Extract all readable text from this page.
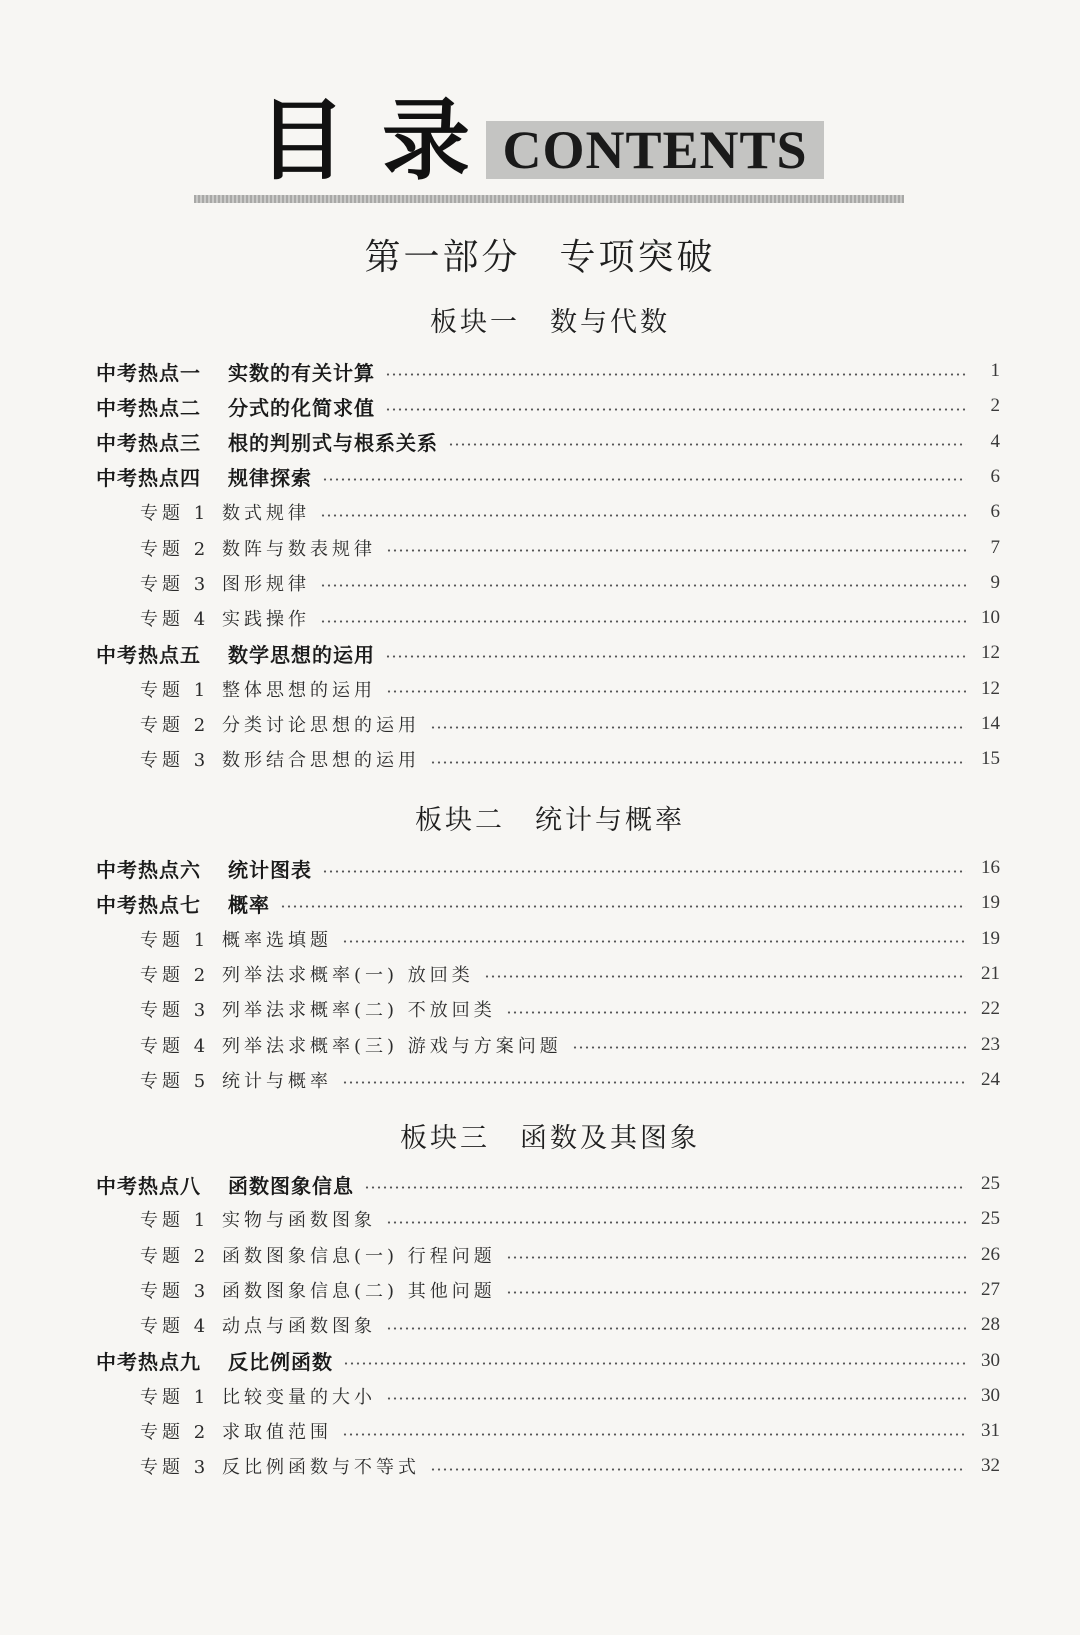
目 录 CONTENTS
第一部分　专项突破
板块一　数与代数
中考热点一	实数的有关计算	1
中考热点二	分式的化简求值	2
中考热点三	根的判别式与根系关系	4
中考热点四	规律探索	6
专题 1 数式规律	6
专题 2 数阵与数表规律	7
专题 3 图形规律	9
专题 4 实践操作	10
中考热点五	数学思想的运用	12
专题 1 整体思想的运用	12
专题 2 分类讨论思想的运用	14
专题 3 数形结合思想的运用	15
板块二　统计与概率
中考热点六	统计图表	16
中考热点七	概率	19
专题 1 概率选填题	19
专题 2 列举法求概率(一) 放回类	21
专题 3 列举法求概率(二) 不放回类	22
专题 4 列举法求概率(三) 游戏与方案问题	23
专题 5 统计与概率	24
板块三　函数及其图象
中考热点八	函数图象信息	25
专题 1 实物与函数图象	25
专题 2 函数图象信息(一) 行程问题	26
专题 3 函数图象信息(二) 其他问题	27
专题 4 动点与函数图象	28
中考热点九	反比例函数	30
专题 1 比较变量的大小	30
专题 2 求取值范围	31
专题 3 反比例函数与不等式	32
